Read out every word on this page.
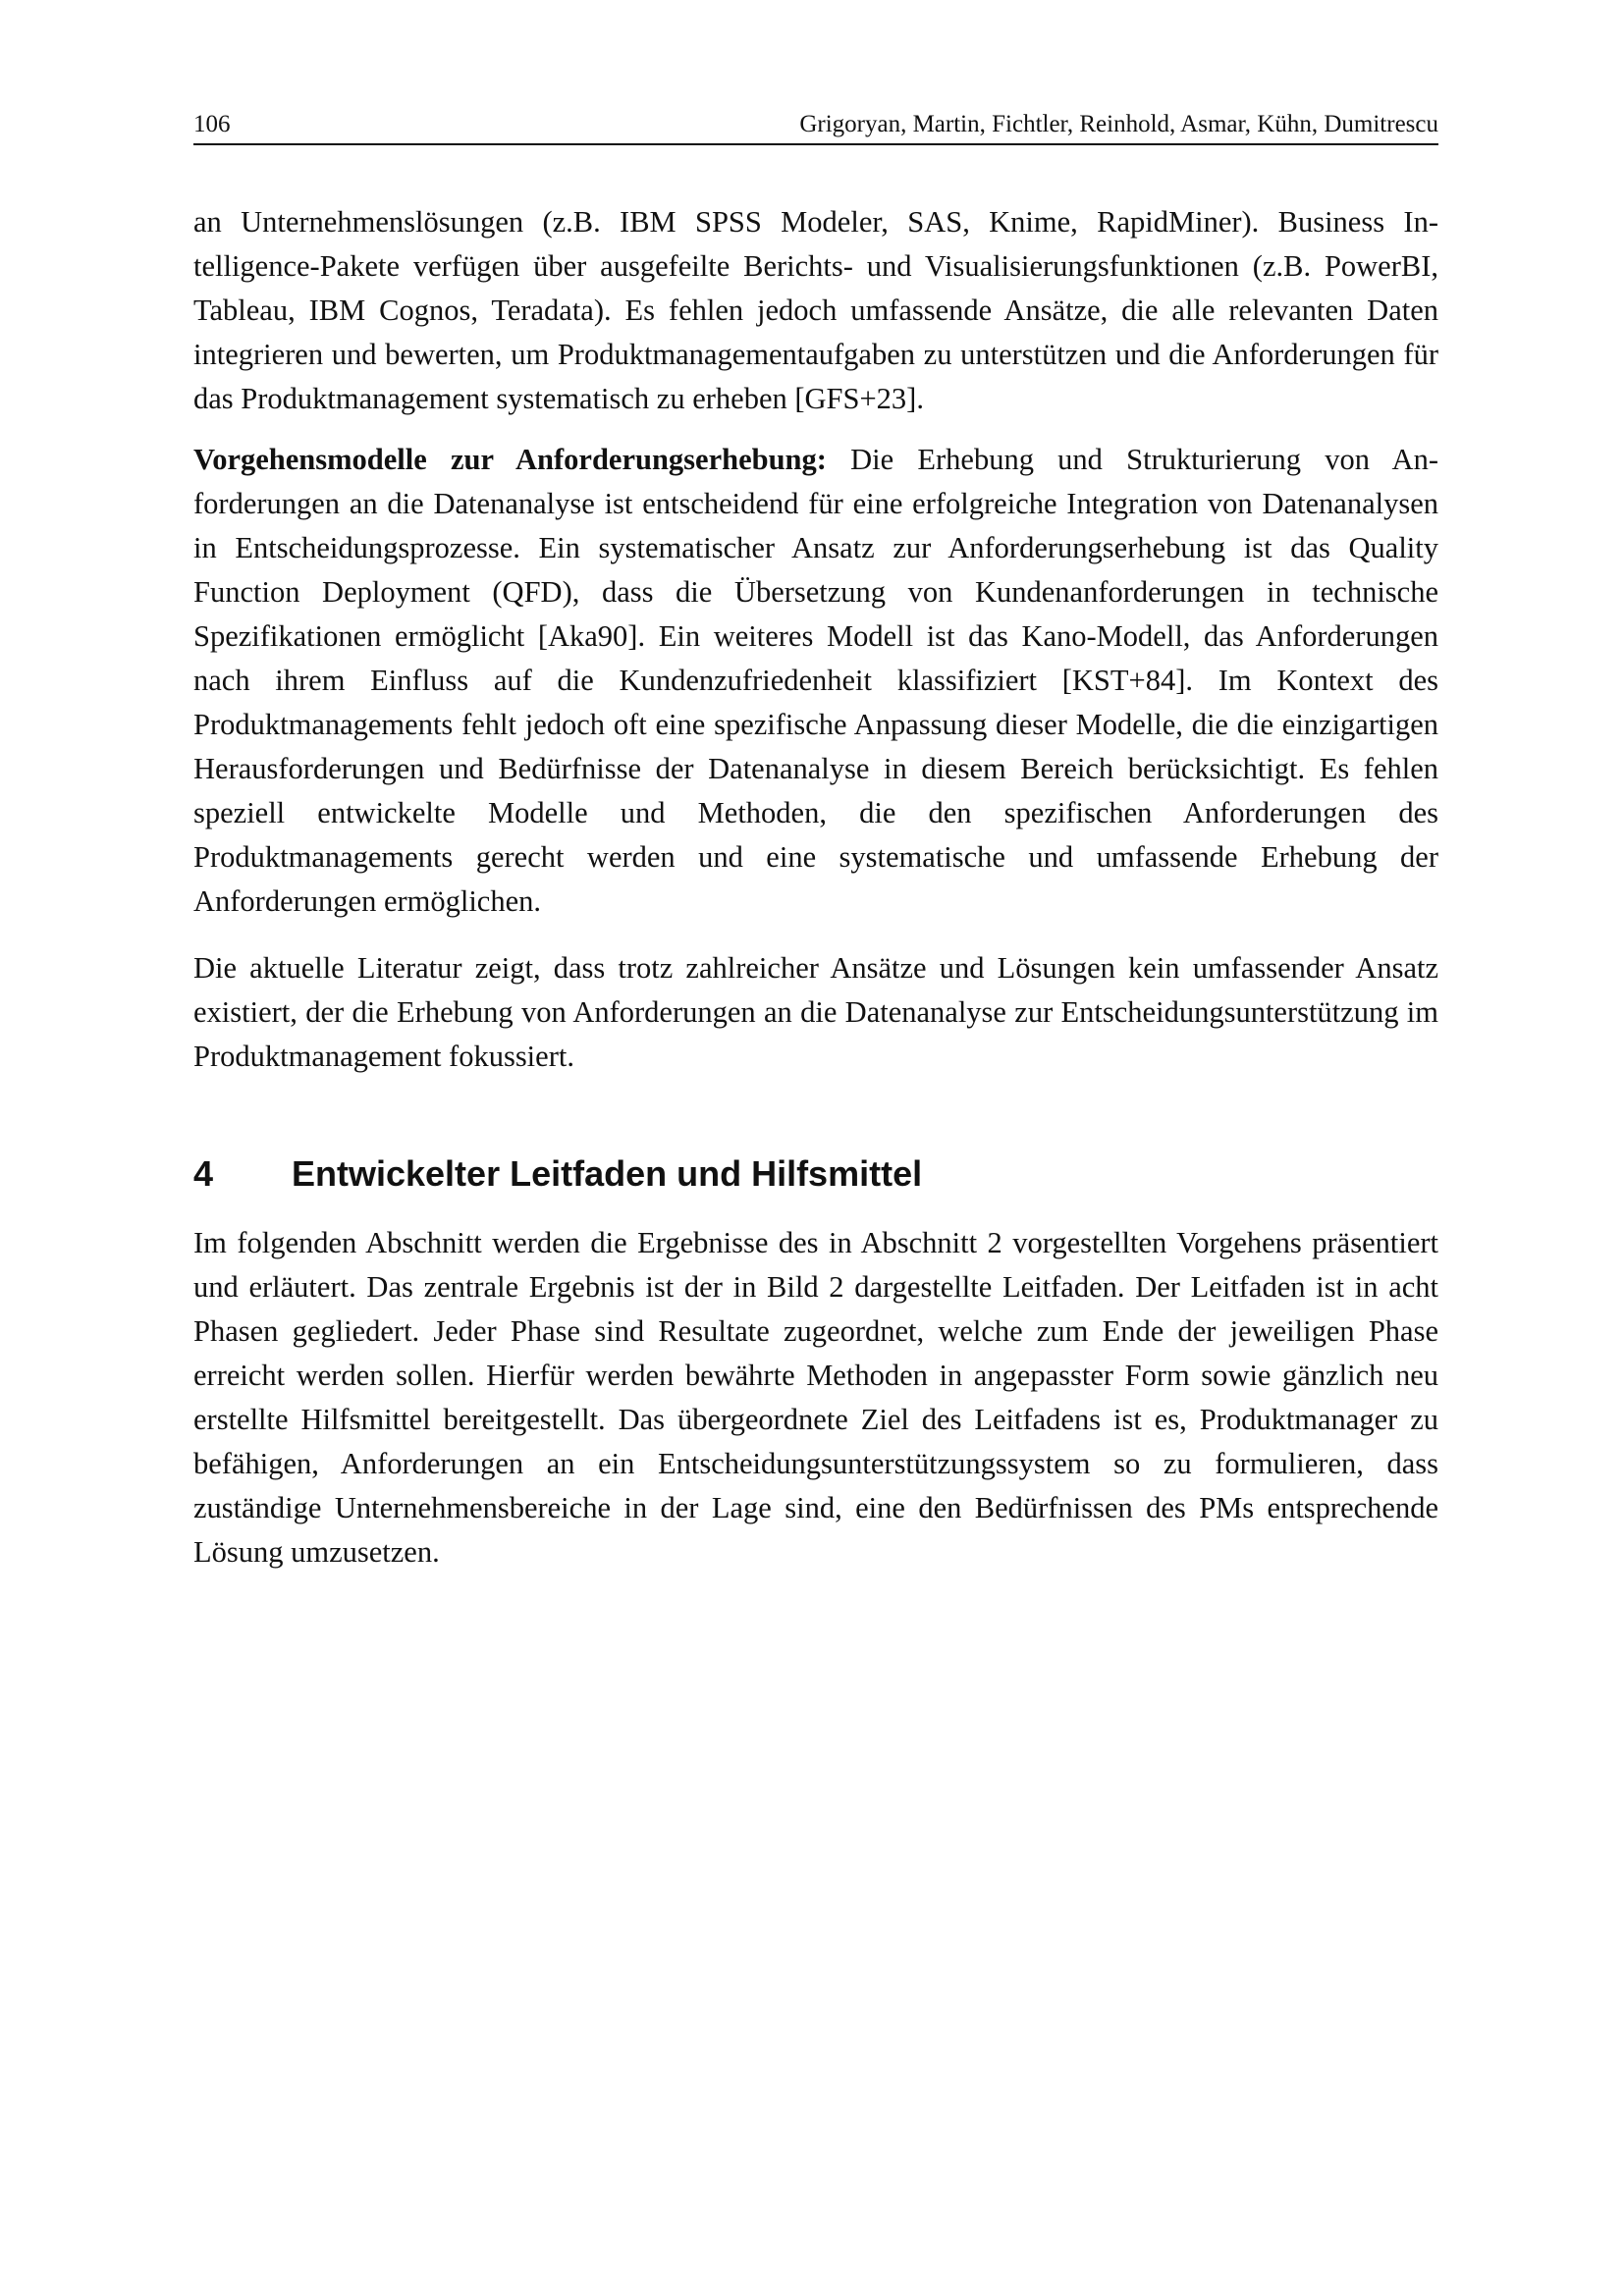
106	Grigoryan, Martin, Fichtler, Reinhold, Asmar, Kühn, Dumitrescu

an Unternehmenslösungen (z.B. IBM SPSS Modeler, SAS, Knime, RapidMiner). Business Intelligence-Pakete verfügen über ausgefeilte Berichts- und Visualisierungsfunktionen (z.B. PowerBI, Tableau, IBM Cognos, Teradata). Es fehlen jedoch umfassende Ansätze, die alle relevanten Daten integrieren und bewerten, um Produktmanagementaufgaben zu unterstützen und die Anforderungen für das Produktmanagement systematisch zu erheben [GFS+23].

Vorgehensmodelle zur Anforderungserhebung: Die Erhebung und Strukturierung von Anforderungen an die Datenanalyse ist entscheidend für eine erfolgreiche Integration von Datenanalysen in Entscheidungsprozesse. Ein systematischer Ansatz zur Anforderungserhebung ist das Quality Function Deployment (QFD), dass die Übersetzung von Kundenanforderungen in technische Spezifikationen ermöglicht [Aka90]. Ein weiteres Modell ist das Kano-Modell, das Anforderungen nach ihrem Einfluss auf die Kundenzufriedenheit klassifiziert [KST+84]. Im Kontext des Produktmanagements fehlt jedoch oft eine spezifische Anpassung dieser Modelle, die die einzigartigen Herausforderungen und Bedürfnisse der Datenanalyse in diesem Bereich berücksichtigt. Es fehlen speziell entwickelte Modelle und Methoden, die den spezifischen Anforderungen des Produktmanagements gerecht werden und eine systematische und umfassende Erhebung der Anforderungen ermöglichen.

Die aktuelle Literatur zeigt, dass trotz zahlreicher Ansätze und Lösungen kein umfassender Ansatz existiert, der die Erhebung von Anforderungen an die Datenanalyse zur Entscheidungsunterstützung im Produktmanagement fokussiert.

4 Entwickelter Leitfaden und Hilfsmittel

Im folgenden Abschnitt werden die Ergebnisse des in Abschnitt 2 vorgestellten Vorgehens präsentiert und erläutert. Das zentrale Ergebnis ist der in Bild 2 dargestellte Leitfaden. Der Leitfaden ist in acht Phasen gegliedert. Jeder Phase sind Resultate zugeordnet, welche zum Ende der jeweiligen Phase erreicht werden sollen. Hierfür werden bewährte Methoden in angepasster Form sowie gänzlich neu erstellte Hilfsmittel bereitgestellt. Das übergeordnete Ziel des Leitfadens ist es, Produktmanager zu befähigen, Anforderungen an ein Entscheidungsunterstützungssystem so zu formulieren, dass zuständige Unternehmensbereiche in der Lage sind, eine den Bedürfnissen des PMs entsprechende Lösung umzusetzen.
